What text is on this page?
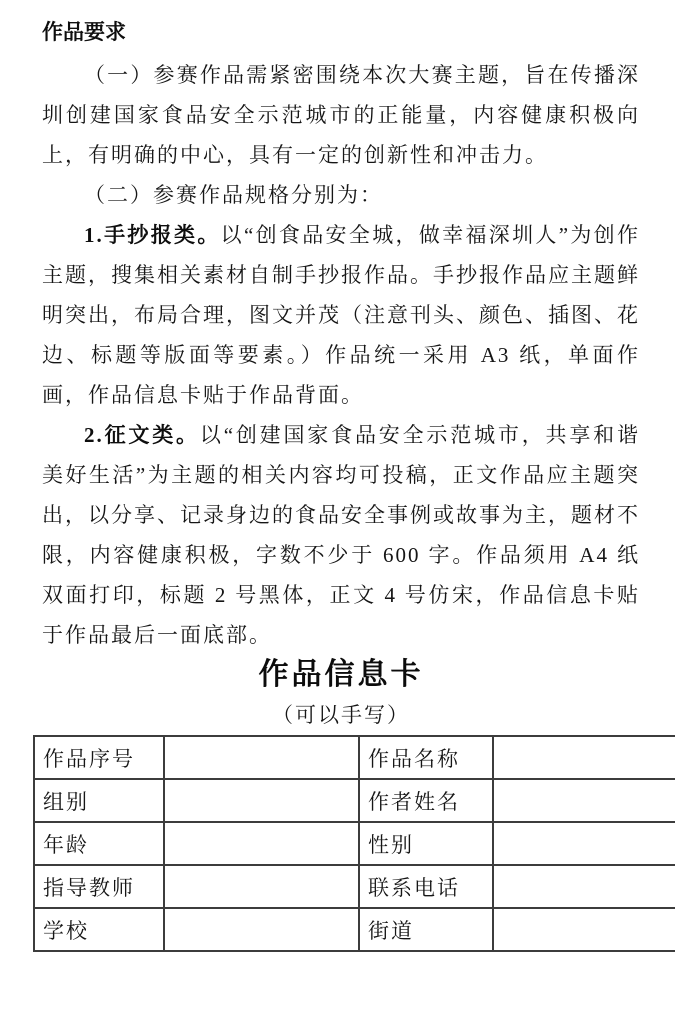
作品要求

（一）参赛作品需紧密围绕本次大赛主题，旨在传播深圳创建国家食品安全示范城市的正能量，内容健康积极向上，有明确的中心，具有一定的创新性和冲击力。

（二）参赛作品规格分别为：

1.手抄报类。以“创食品安全城，做幸福深圳人”为创作主题，搜集相关素材自制手抄报作品。手抄报作品应主题鲜明突出，布局合理，图文并茂（注意刊头、颜色、插图、花边、标题等版面等要素。）作品统一采用 A3 纸，单面作画，作品信息卡贴于作品背面。

2.征文类。以“创建国家食品安全示范城市，共享和谐美好生活”为主题的相关内容均可投稿，正文作品应主题突出，以分享、记录身边的食品安全事例或故事为主，题材不限，内容健康积极，字数不少于 600 字。作品须用 A4 纸双面打印，标题 2 号黑体，正文 4 号仿宋，作品信息卡贴于作品最后一面底部。

作品信息卡
（可以手写）
作品序号		作品名称	
组别		作者姓名	
年龄		性别	
指导教师		联系电话	
学校		街道	
